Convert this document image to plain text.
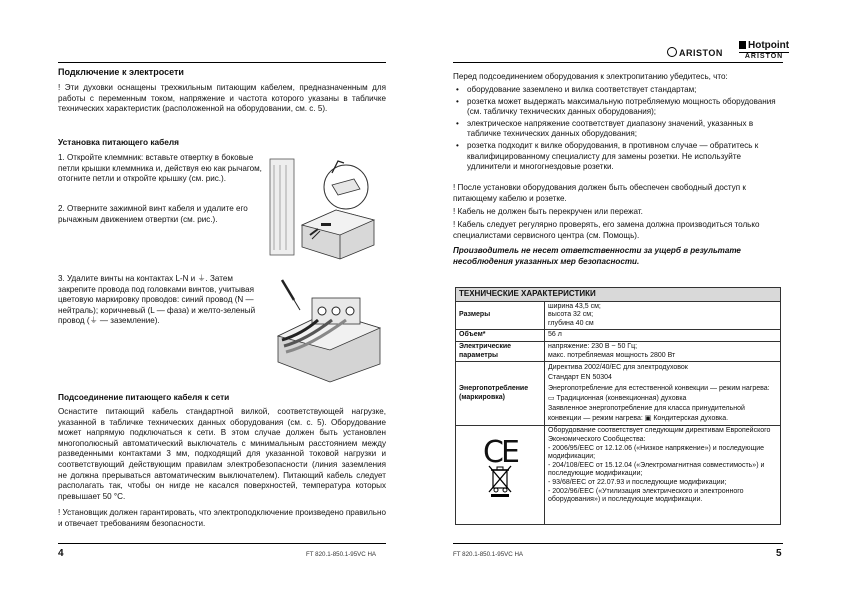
Подключение к электросети
! Эти духовки оснащены трехжильным питающим кабелем, предназначенным для работы с переменным током, напряжение и частота которого указаны в табличке технических характеристик (расположенной на оборудовании, см. с. 5).
Установка питающего кабеля
1. Откройте клеммник: вставьте отвертку в боковые петли крышки клеммника и, действуя ею как рычагом, отогните петли и откройте крышку (см. рис.).
2. Отверните зажимной винт кабеля и удалите его рычажным движением отвертки (см. рис.).
3. Удалите винты на контактах L-N и ⏚. Затем закрепите провода под головками винтов, учитывая цветовую маркировку проводов: синий провод (N — нейтраль); коричневый (L — фаза) и желто-зеленый провод (⏚ — заземление).
Подсоединение питающего кабеля к сети
Оснастите питающий кабель стандартной вилкой, соответствующей нагрузке, указанной в табличке технических данных оборудования (см. с. 5). Оборудование может напрямую подключаться к сети. В этом случае должен быть установлен многополюсный автоматический выключатель с минимальным расстоянием между разведенными контактами 3 мм, подходящий для указанной токовой нагрузки и соответствующий действующим правилам электробезопасности (линия заземления не должна прерываться автоматическим выключателем). Питающий кабель следует располагать так, чтобы он нигде не касался поверхностей, температура которых превышает 50 °С.
! Установщик должен гарантировать, что электроподключение произведено правильно и отвечает требованиям безопасности.
4	FT 820.1-850.1-95VC HA
ARISTON
Hotpoint
ARISTON
Перед подсоединением оборудования к электропитанию убедитесь, что:
• оборудование заземлено и вилка соответствует стандартам;
• розетка может выдержать максимальную потребляемую мощность оборудования (см. табличку технических данных оборудования);
• электрическое напряжение соответствует диапазону значений, указанных в табличке технических данных оборудования;
• розетка подходит к вилке оборудования, в противном случае — обратитесь к квалифицированному специалисту для замены розетки. Не используйте удлинители и многогнездовые розетки.
! После установки оборудования должен быть обеспечен свободный доступ к питающему кабелю и розетке.
! Кабель не должен быть перекручен или пережат.
! Кабель следует регулярно проверять, его замена должна производиться только специалистами сервисного центра (см. Помощь).
Производитель не несет ответственности за ущерб в результате несоблюдения указанных мер безопасности.
ТЕХНИЧЕСКИЕ ХАРАКТЕРИСТИКИ	
Размеры	ширина 43,5 см;
высота 32 см;
глубина 40 см

Объем*	56 л
Электрические параметры	напряжение: 230 В ~ 50 Гц;
макс. потребляемая мощность 2800 Вт

Энергопотребление (маркировка)	Директива 2002/40/ЕС для электродуховок
Стандарт EN 50304
Энергопотребление для естественной конвекции — режим нагрева: ▭ Традиционная (конвекционная) духовка
Заявленное энергопотребление для класса принудительной конвекции — режим нагрева: ▣ Кондитерская духовка.

CE	Оборудование соответствует следующим директивам Европейского Экономического Сообщества:
- 2006/95/ЕЕС от 12.12.06 («Низкое напряжение») и последующие модификации;
- 204/108/ЕЕС от 15.12.04 («Электромагнитная совместимость») и последующие модификации;
- 93/68/ЕЕС от 22.07.93 и последующие модификации;
- 2002/96/ЕЕС («Утилизация электрического и электронного оборудования») и последующие модификации.
FT 820.1-850.1-95VC HA	5
